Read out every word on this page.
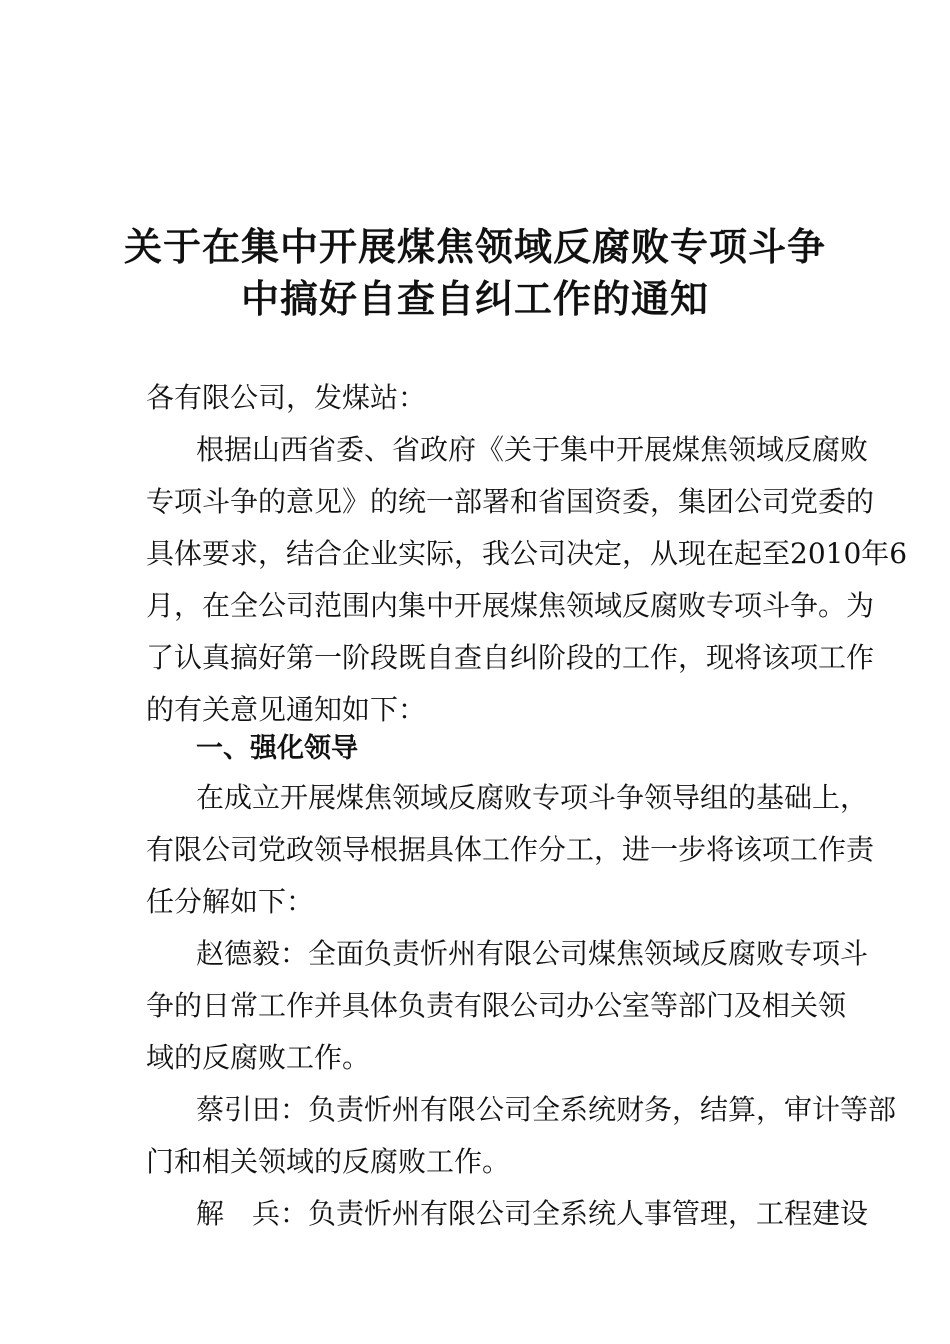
关于在集中开展煤焦领域反腐败专项斗争
中搞好自查自纠工作的通知
各有限公司，发煤站：
根据山西省委、省政府《关于集中开展煤焦领域反腐败
专项斗争的意见》的统一部署和省国资委，集团公司党委的
具体要求，结合企业实际，我公司决定，从现在起至2010年6
月，在全公司范围内集中开展煤焦领域反腐败专项斗争。为
了认真搞好第一阶段既自查自纠阶段的工作，现将该项工作
的有关意见通知如下：
一、强化领导
在成立开展煤焦领域反腐败专项斗争领导组的基础上，
有限公司党政领导根据具体工作分工，进一步将该项工作责
任分解如下：
赵德毅：全面负责忻州有限公司煤焦领域反腐败专项斗
争的日常工作并具体负责有限公司办公室等部门及相关领
域的反腐败工作。
蔡引田：负责忻州有限公司全系统财务，结算，审计等部
门和相关领域的反腐败工作。
解　兵：负责忻州有限公司全系统人事管理，工程建设
